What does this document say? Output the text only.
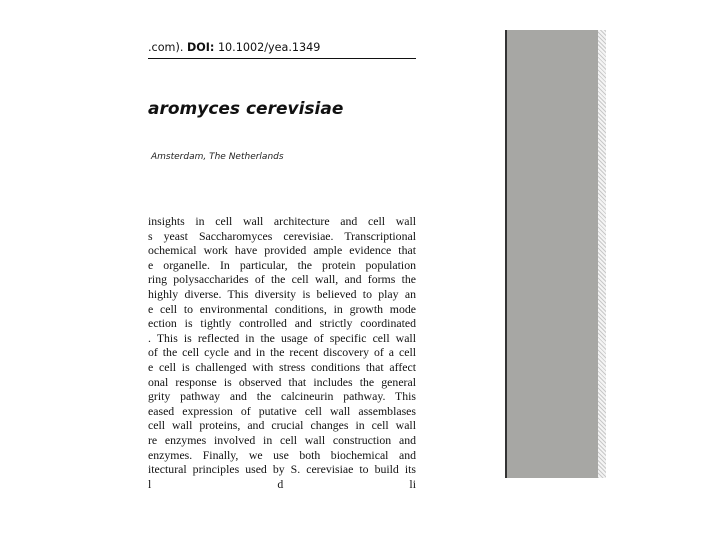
.com). DOI: 10.1002/yea.1349
aromyces cerevisiae
Amsterdam, The Netherlands
insights in cell wall architecture and cell wall
s yeast Saccharomyces cerevisiae. Transcriptional
ochemical work have provided ample evidence that
e organelle. In particular, the protein population
ring polysaccharides of the cell wall, and forms the
highly diverse. This diversity is believed to play an
e cell to environmental conditions, in growth mode
ection is tightly controlled and strictly coordinated
. This is reflected in the usage of specific cell wall
of the cell cycle and in the recent discovery of a cell
e cell is challenged with stress conditions that affect
onal response is observed that includes the general
grity pathway and the calcineurin pathway. This
eased expression of putative cell wall assemblases
cell wall proteins, and crucial changes in cell wall
re enzymes involved in cell wall construction and
enzymes. Finally, we use both biochemical and
itectural principles used by S. cerevisiae to build its
l d li
